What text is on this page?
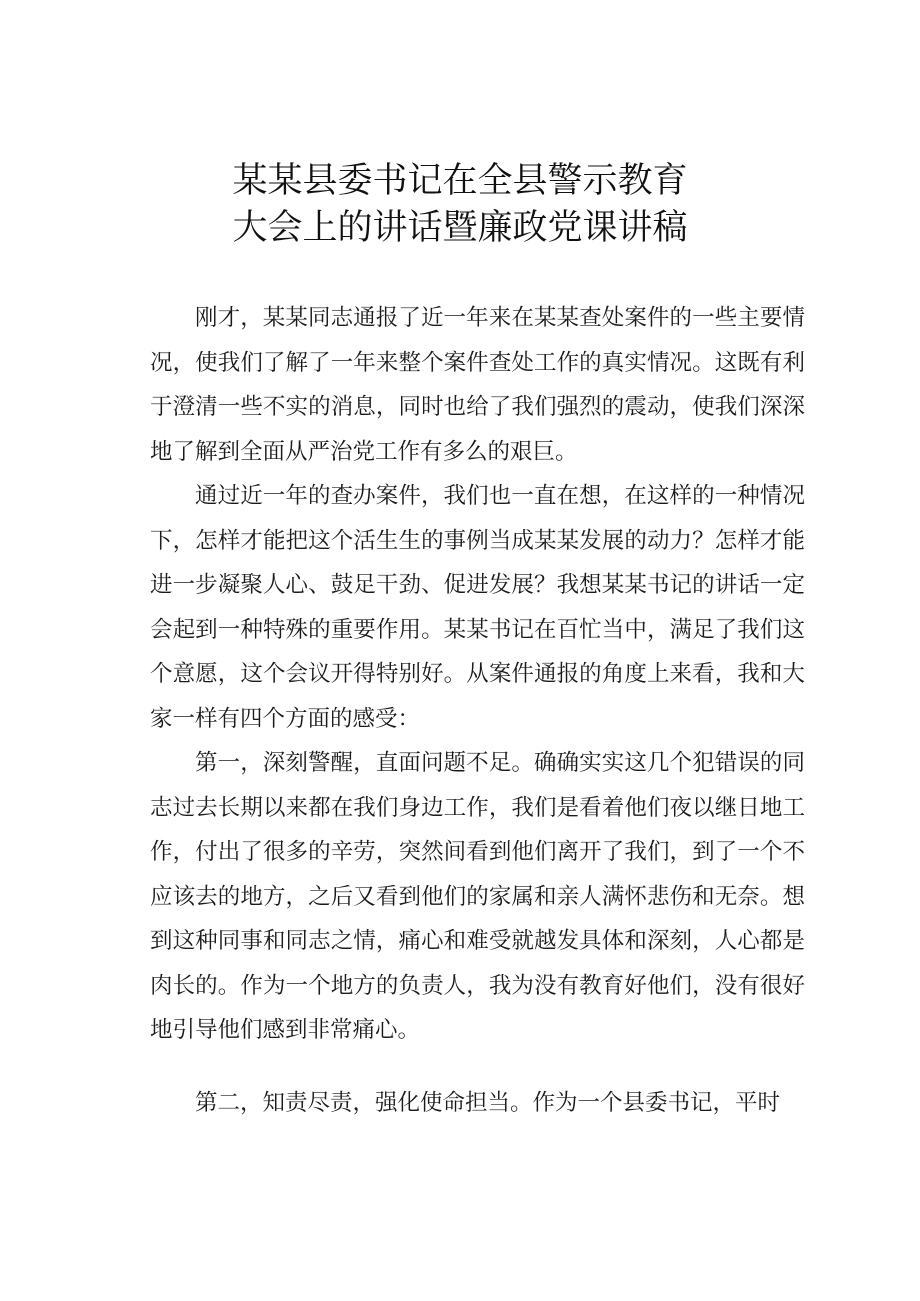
某某县委书记在全县警示教育
大会上的讲话暨廉政党课讲稿

刚才，某某同志通报了近一年来在某某查处案件的一些主要情况，使我们了解了一年来整个案件查处工作的真实情况。这既有利于澄清一些不实的消息，同时也给了我们强烈的震动，使我们深深地了解到全面从严治党工作有多么的艰巨。

通过近一年的查办案件，我们也一直在想，在这样的一种情况下，怎样才能把这个活生生的事例当成某某发展的动力？怎样才能进一步凝聚人心、鼓足干劲、促进发展？我想某某书记的讲话一定会起到一种特殊的重要作用。某某书记在百忙当中，满足了我们这个意愿，这个会议开得特别好。从案件通报的角度上来看，我和大家一样有四个方面的感受：

第一，深刻警醒，直面问题不足。确确实实这几个犯错误的同志过去长期以来都在我们身边工作，我们是看着他们夜以继日地工作，付出了很多的辛劳，突然间看到他们离开了我们，到了一个不应该去的地方，之后又看到他们的家属和亲人满怀悲伤和无奈。想到这种同事和同志之情，痛心和难受就越发具体和深刻，人心都是肉长的。作为一个地方的负责人，我为没有教育好他们，没有很好地引导他们感到非常痛心。

第二，知责尽责，强化使命担当。作为一个县委书记，平时
